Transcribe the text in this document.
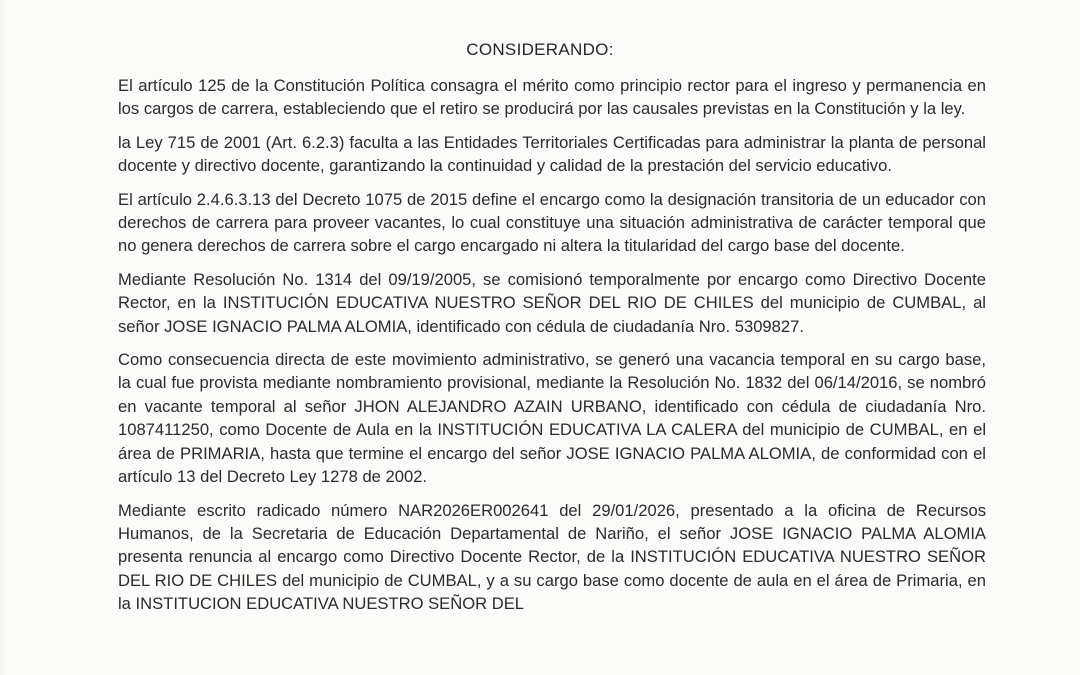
CONSIDERANDO:

El artículo 125 de la Constitución Política consagra el mérito como principio rector para el ingreso y permanencia en los cargos de carrera, estableciendo que el retiro se producirá por las causales previstas en la Constitución y la ley.

la Ley 715 de 2001 (Art. 6.2.3) faculta a las Entidades Territoriales Certificadas para administrar la planta de personal docente y directivo docente, garantizando la continuidad y calidad de la prestación del servicio educativo.

El artículo 2.4.6.3.13 del Decreto 1075 de 2015 define el encargo como la designación transitoria de un educador con derechos de carrera para proveer vacantes, lo cual constituye una situación administrativa de carácter temporal que no genera derechos de carrera sobre el cargo encargado ni altera la titularidad del cargo base del docente.

Mediante Resolución No. 1314 del 09/19/2005, se comisionó temporalmente por encargo como Directivo Docente Rector, en la INSTITUCIÓN EDUCATIVA NUESTRO SEÑOR DEL RIO DE CHILES del municipio de CUMBAL, al señor JOSE IGNACIO PALMA ALOMIA, identificado con cédula de ciudadanía Nro. 5309827.

Como consecuencia directa de este movimiento administrativo, se generó una vacancia temporal en su cargo base, la cual fue provista mediante nombramiento provisional, mediante la Resolución No. 1832 del 06/14/2016, se nombró en vacante temporal al señor JHON ALEJANDRO AZAIN URBANO, identificado con cédula de ciudadanía Nro. 1087411250, como Docente de Aula en la INSTITUCIÓN EDUCATIVA LA CALERA del municipio de CUMBAL, en el área de PRIMARIA, hasta que termine el encargo del señor JOSE IGNACIO PALMA ALOMIA, de conformidad con el artículo 13 del Decreto Ley 1278 de 2002.

Mediante escrito radicado número NAR2026ER002641 del 29/01/2026, presentado a la oficina de Recursos Humanos, de la Secretaria de Educación Departamental de Nariño, el señor JOSE IGNACIO PALMA ALOMIA presenta renuncia al encargo como Directivo Docente Rector, de la INSTITUCIÓN EDUCATIVA NUESTRO SEÑOR DEL RIO DE CHILES del municipio de CUMBAL, y a su cargo base como docente de aula en el área de Primaria, en la INSTITUCION EDUCATIVA NUESTRO SEÑOR DEL
